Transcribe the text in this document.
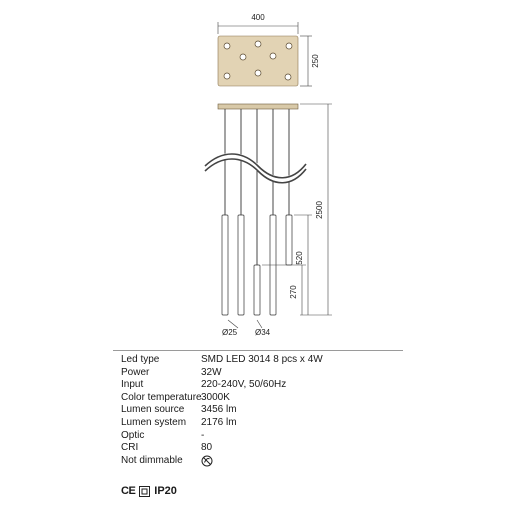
400
250
2500
520
270
Ø25 Ø34
Led type	SMD LED 3014 8 pcs x 4W
Power	32W
Input	220-240V, 50/60Hz
Color temperature 3000K
Lumen source	3456 lm
Lumen system	2176 lm
Optic	-
CRI	80
Not dimmable
CE IP20
